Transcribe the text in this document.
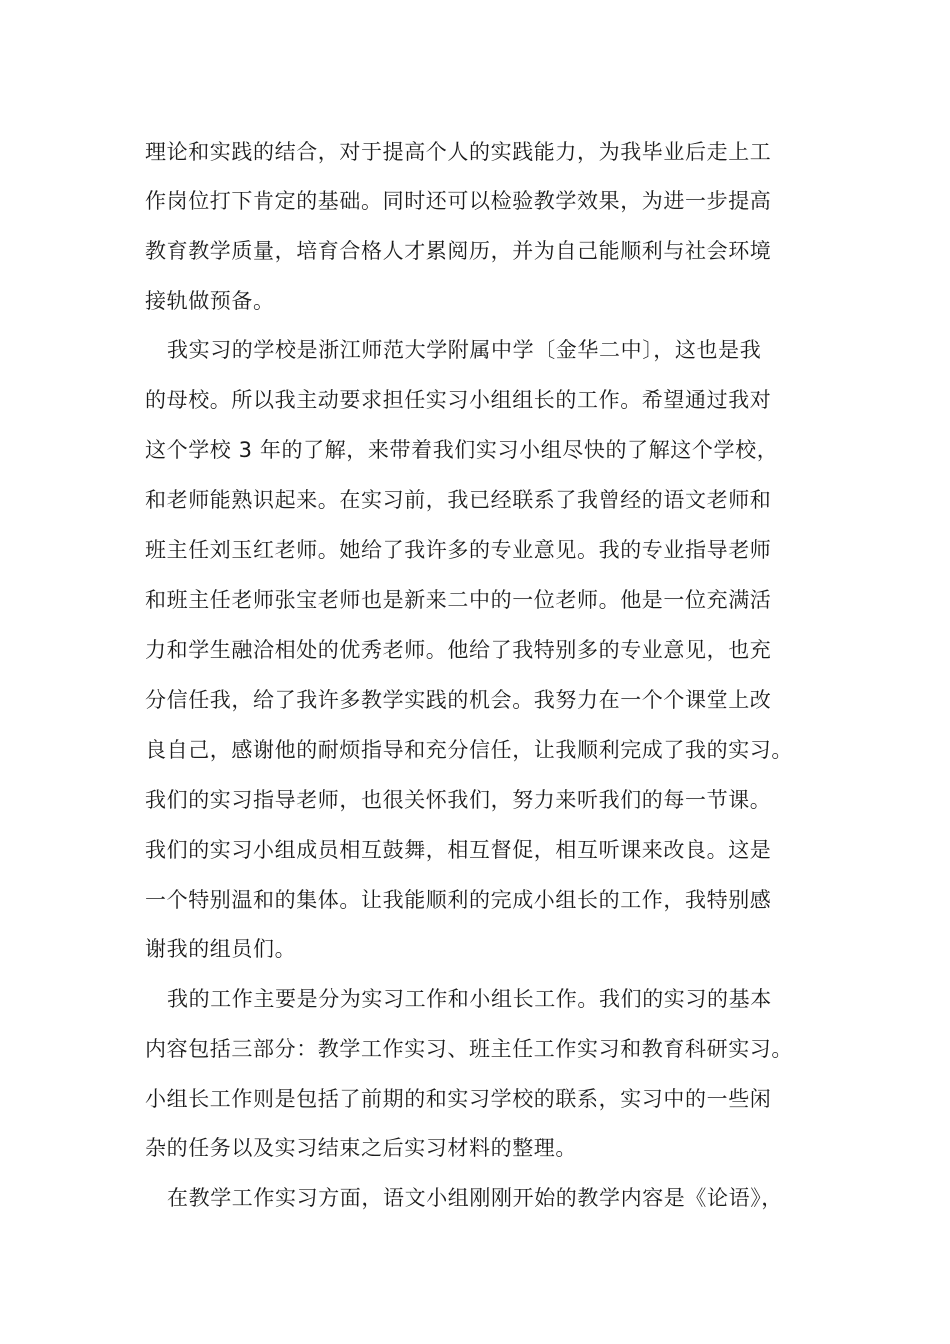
理论和实践的结合，对于提高个人的实践能力，为我毕业后走上工
作岗位打下肯定的基础。同时还可以检验教学效果，为进一步提高
教育教学质量，培育合格人才累阅历，并为自己能顺利与社会环境
接轨做预备。
我实习的学校是浙江师范大学附属中学〔金华二中〕，这也是我
的母校。所以我主动要求担任实习小组组长的工作。希望通过我对
这个学校 3 年的了解，来带着我们实习小组尽快的了解这个学校，
和老师能熟识起来。在实习前，我已经联系了我曾经的语文老师和
班主任刘玉红老师。她给了我许多的专业意见。我的专业指导老师
和班主任老师张宝老师也是新来二中的一位老师。他是一位充满活
力和学生融洽相处的优秀老师。他给了我特别多的专业意见，也充
分信任我，给了我许多教学实践的机会。我努力在一个个课堂上改
良自己，感谢他的耐烦指导和充分信任，让我顺利完成了我的实习。
我们的实习指导老师，也很关怀我们，努力来听我们的每一节课。
我们的实习小组成员相互鼓舞，相互督促，相互听课来改良。这是
一个特别温和的集体。让我能顺利的完成小组长的工作，我特别感
谢我的组员们。
我的工作主要是分为实习工作和小组长工作。我们的实习的基本
内容包括三部分：教学工作实习、班主任工作实习和教育科研实习。
小组长工作则是包括了前期的和实习学校的联系，实习中的一些闲
杂的任务以及实习结束之后实习材料的整理。
在教学工作实习方面，语文小组刚刚开始的教学内容是《论语》，
